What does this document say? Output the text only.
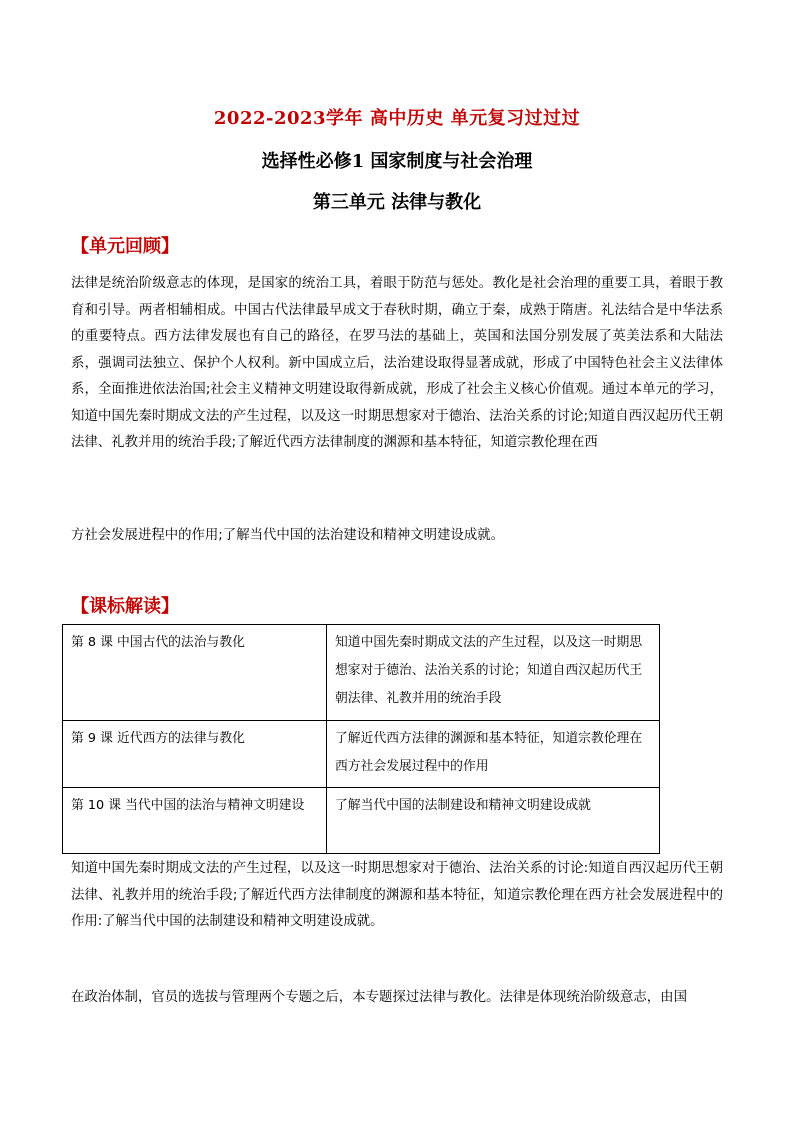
2022-2023学年 高中历史 单元复习过过过
选择性必修1 国家制度与社会治理
第三单元 法律与教化
【单元回顾】
法律是统治阶级意志的体现，是国家的统治工具，着眼于防范与惩处。教化是社会治理的重要工具，着眼于教育和引导。两者相辅相成。中国古代法律最早成文于春秋时期，确立于秦，成熟于隋唐。礼法结合是中华法系的重要特点。西方法律发展也有自己的路径，在罗马法的基础上，英国和法国分别发展了英美法系和大陆法系，强调司法独立、保护个人权利。新中国成立后，法治建设取得显著成就，形成了中国特色社会主义法律体系，全面推进依法治国;社会主义精神文明建设取得新成就，形成了社会主义核心价值观。通过本单元的学习，知道中国先秦时期成文法的产生过程，以及这一时期思想家对于德治、法治关系的讨论;知道自西汉起历代王朝法律、礼教并用的统治手段;了解近代西方法律制度的渊源和基本特征，知道宗教伦理在西
方社会发展进程中的作用;了解当代中国的法治建设和精神文明建设成就。
【课标解读】
第 8 课 中国古代的法治与教化	知道中国先秦时期成文法的产生过程，以及这一时期思想家对于德治、法治关系的讨论；知道自西汉起历代王朝法律、礼教并用的统治手段
第 9 课 近代西方的法律与教化	了解近代西方法律的渊源和基本特征，知道宗教伦理在西方社会发展过程中的作用
第 10 课 当代中国的法治与精神文明建设	了解当代中国的法制建设和精神文明建设成就
知道中国先秦时期成文法的产生过程，以及这一时期思想家对于德治、法治关系的讨论:知道自西汉起历代王朝法律、礼教并用的统治手段;了解近代西方法律制度的渊源和基本特征，知道宗教伦理在西方社会发展进程中的作用:了解当代中国的法制建设和精神文明建设成就。
在政治体制，官员的选拔与管理两个专题之后，本专题探过法律与教化。法律是体现统治阶级意志，由国
